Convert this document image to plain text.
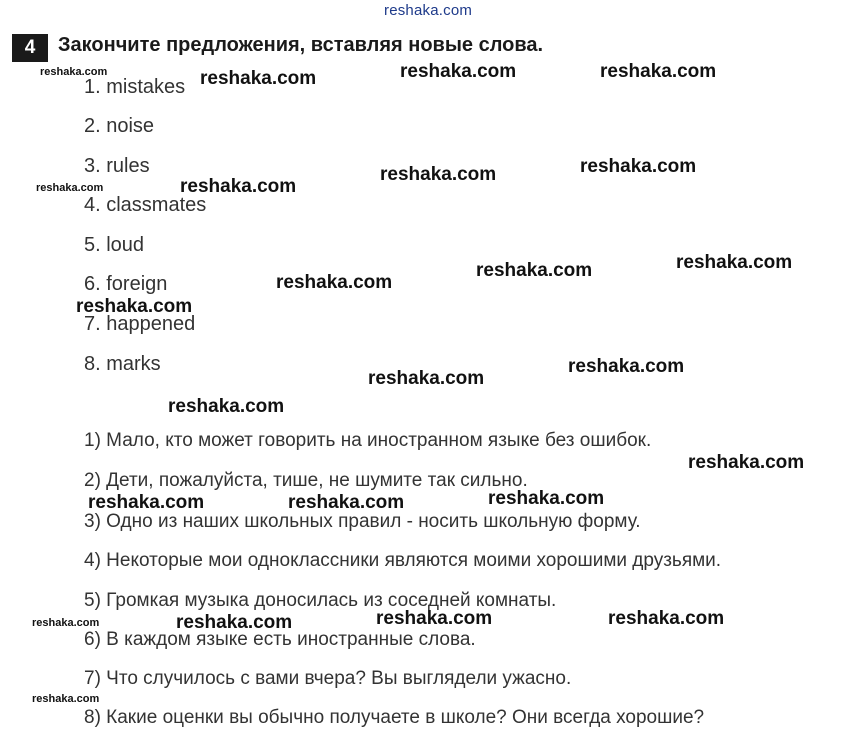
reshaka.com
4	Закончите предложения, вставляя новые слова.
1. mistakes
2. noise
3. rules
4. classmates
5. loud
6. foreign
7. happened
8. marks
1) Мало, кто может говорить на иностранном языке без ошибок.
2) Дети, пожалуйста, тише, не шумите так сильно.
3) Одно из наших школьных правил - носить школьную форму.
4) Некоторые мои одноклассники являются моими хорошими друзьями.
5) Громкая музыка доносилась из соседней комнаты.
6) В каждом языке есть иностранные слова.
7) Что случилось с вами вчера? Вы выглядели ужасно.
8) Какие оценки вы обычно получаете в школе? Они всегда хорошие?
reshaka.com	reshaka.com	reshaka.com	reshaka.com
reshaka.com	reshaka.com
reshaka.com	reshaka.com
reshaka.com
reshaka.com	reshaka.com
reshaka.com
reshaka.com
reshaka.com
reshaka.com
reshaka.com
reshaka.com	reshaka.com	reshaka.com
reshaka.com	reshaka.com	reshaka.com	reshaka.com
reshaka.com
